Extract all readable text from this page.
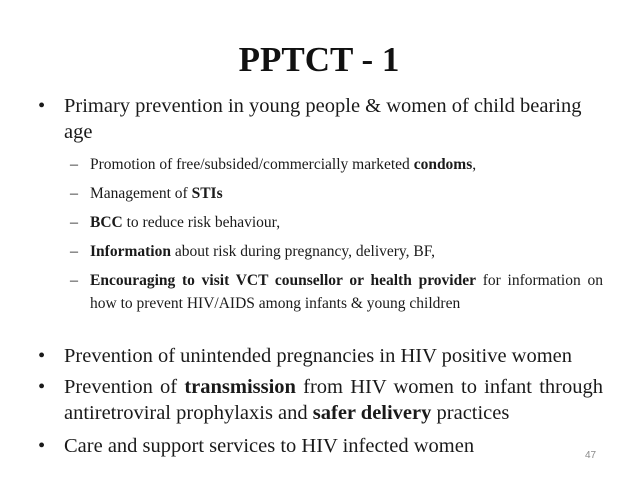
PPTCT - 1
• Primary prevention in young people & women of child bearing age
– Promotion of free/subsided/commercially marketed condoms,
– Management of STIs
– BCC to reduce risk behaviour,
– Information about risk during pregnancy, delivery, BF,
– Encouraging to visit VCT counsellor or health provider for information on how to prevent HIV/AIDS among infants & young children
• Prevention of unintended pregnancies in HIV positive women
• Prevention of transmission from HIV women to infant through antiretroviral prophylaxis and safer delivery practices
• Care and support services to HIV infected women	47
